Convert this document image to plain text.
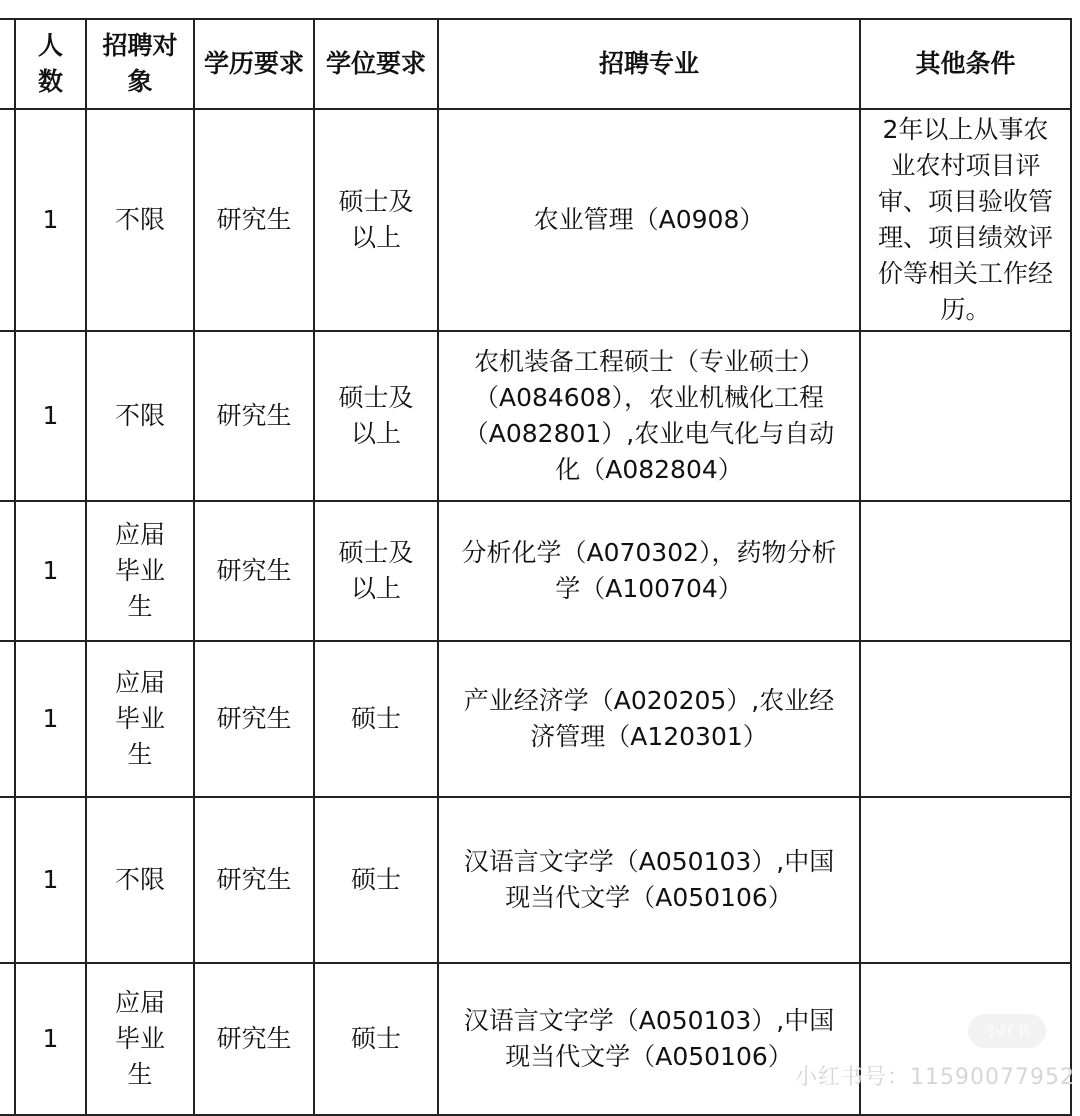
	人数	招聘对象	学历要求	学位要求	招聘专业	其他条件
	1	不限	研究生	硕士及以上	农业管理（A0908）	2年以上从事农业农村项目评审、项目验收管理、项目绩效评价等相关工作经历。
	1	不限	研究生	硕士及以上	农机装备工程硕士（专业硕士）（A084608），农业机械化工程（A082801）,农业电气化与自动化（A082804）	
	1	应届毕业生	研究生	硕士及以上	分析化学（A070302），药物分析学（A100704）	
	1	应届毕业生	研究生	硕士	产业经济学（A020205）,农业经济管理（A120301）	
	1	不限	研究生	硕士	汉语言文字学（A050103）,中国现当代文学（A050106）	
	1	应届毕业生	研究生	硕士	汉语言文字学（A050103）,中国现当代文学（A050106）	
小红书
小红书号：11590077952
